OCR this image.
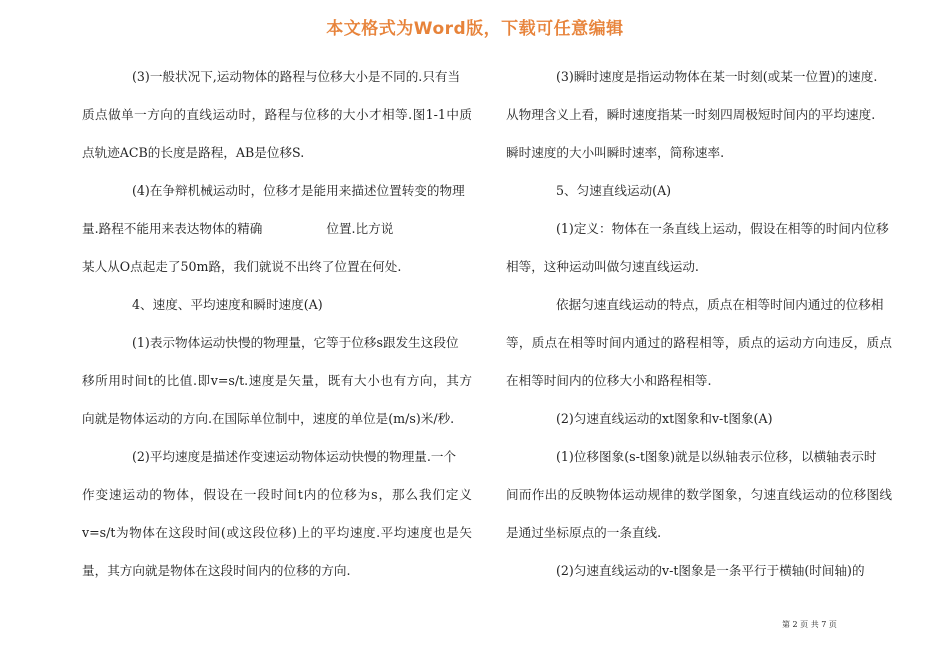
本文格式为Word版，下载可任意编辑
(3)一般状况下,运动物体的路程与位移大小是不同的.只有当
质点做单一方向的直线运动时，路程与位移的大小才相等.图1-1中质
点轨迹ACB的长度是路程，AB是位移S.
(4)在争辩机械运动时，位移才是能用来描述位置转变的物理
量.路程不能用来表达物体的精确                位置.比方说
某人从O点起走了50m路，我们就说不出终了位置在何处.
4、速度、平均速度和瞬时速度(A)
(1)表示物体运动快慢的物理量，它等于位移s跟发生这段位
移所用时间t的比值.即v=s/t.速度是矢量，既有大小也有方向，其方
向就是物体运动的方向.在国际单位制中，速度的单位是(m/s)米/秒.
(2)平均速度是描述作变速运动物体运动快慢的物理量.一个
作变速运动的物体，假设在一段时间t内的位移为s，那么我们定义
v=s/t为物体在这段时间(或这段位移)上的平均速度.平均速度也是矢
量，其方向就是物体在这段时间内的位移的方向.
(3)瞬时速度是指运动物体在某一时刻(或某一位置)的速度.
从物理含义上看，瞬时速度指某一时刻四周极短时间内的平均速度.
瞬时速度的大小叫瞬时速率，简称速率.
5、匀速直线运动(A)
(1)定义：物体在一条直线上运动，假设在相等的时间内位移
相等，这种运动叫做匀速直线运动.
依据匀速直线运动的特点，质点在相等时间内通过的位移相
等，质点在相等时间内通过的路程相等，质点的运动方向违反，质点
在相等时间内的位移大小和路程相等.
(2)匀速直线运动的xt图象和v-t图象(A)
(1)位移图象(s-t图象)就是以纵轴表示位移，以横轴表示时
间而作出的反映物体运动规律的数学图象，匀速直线运动的位移图线
是通过坐标原点的一条直线.
(2)匀速直线运动的v-t图象是一条平行于横轴(时间轴)的
第 2 页 共 7 页
